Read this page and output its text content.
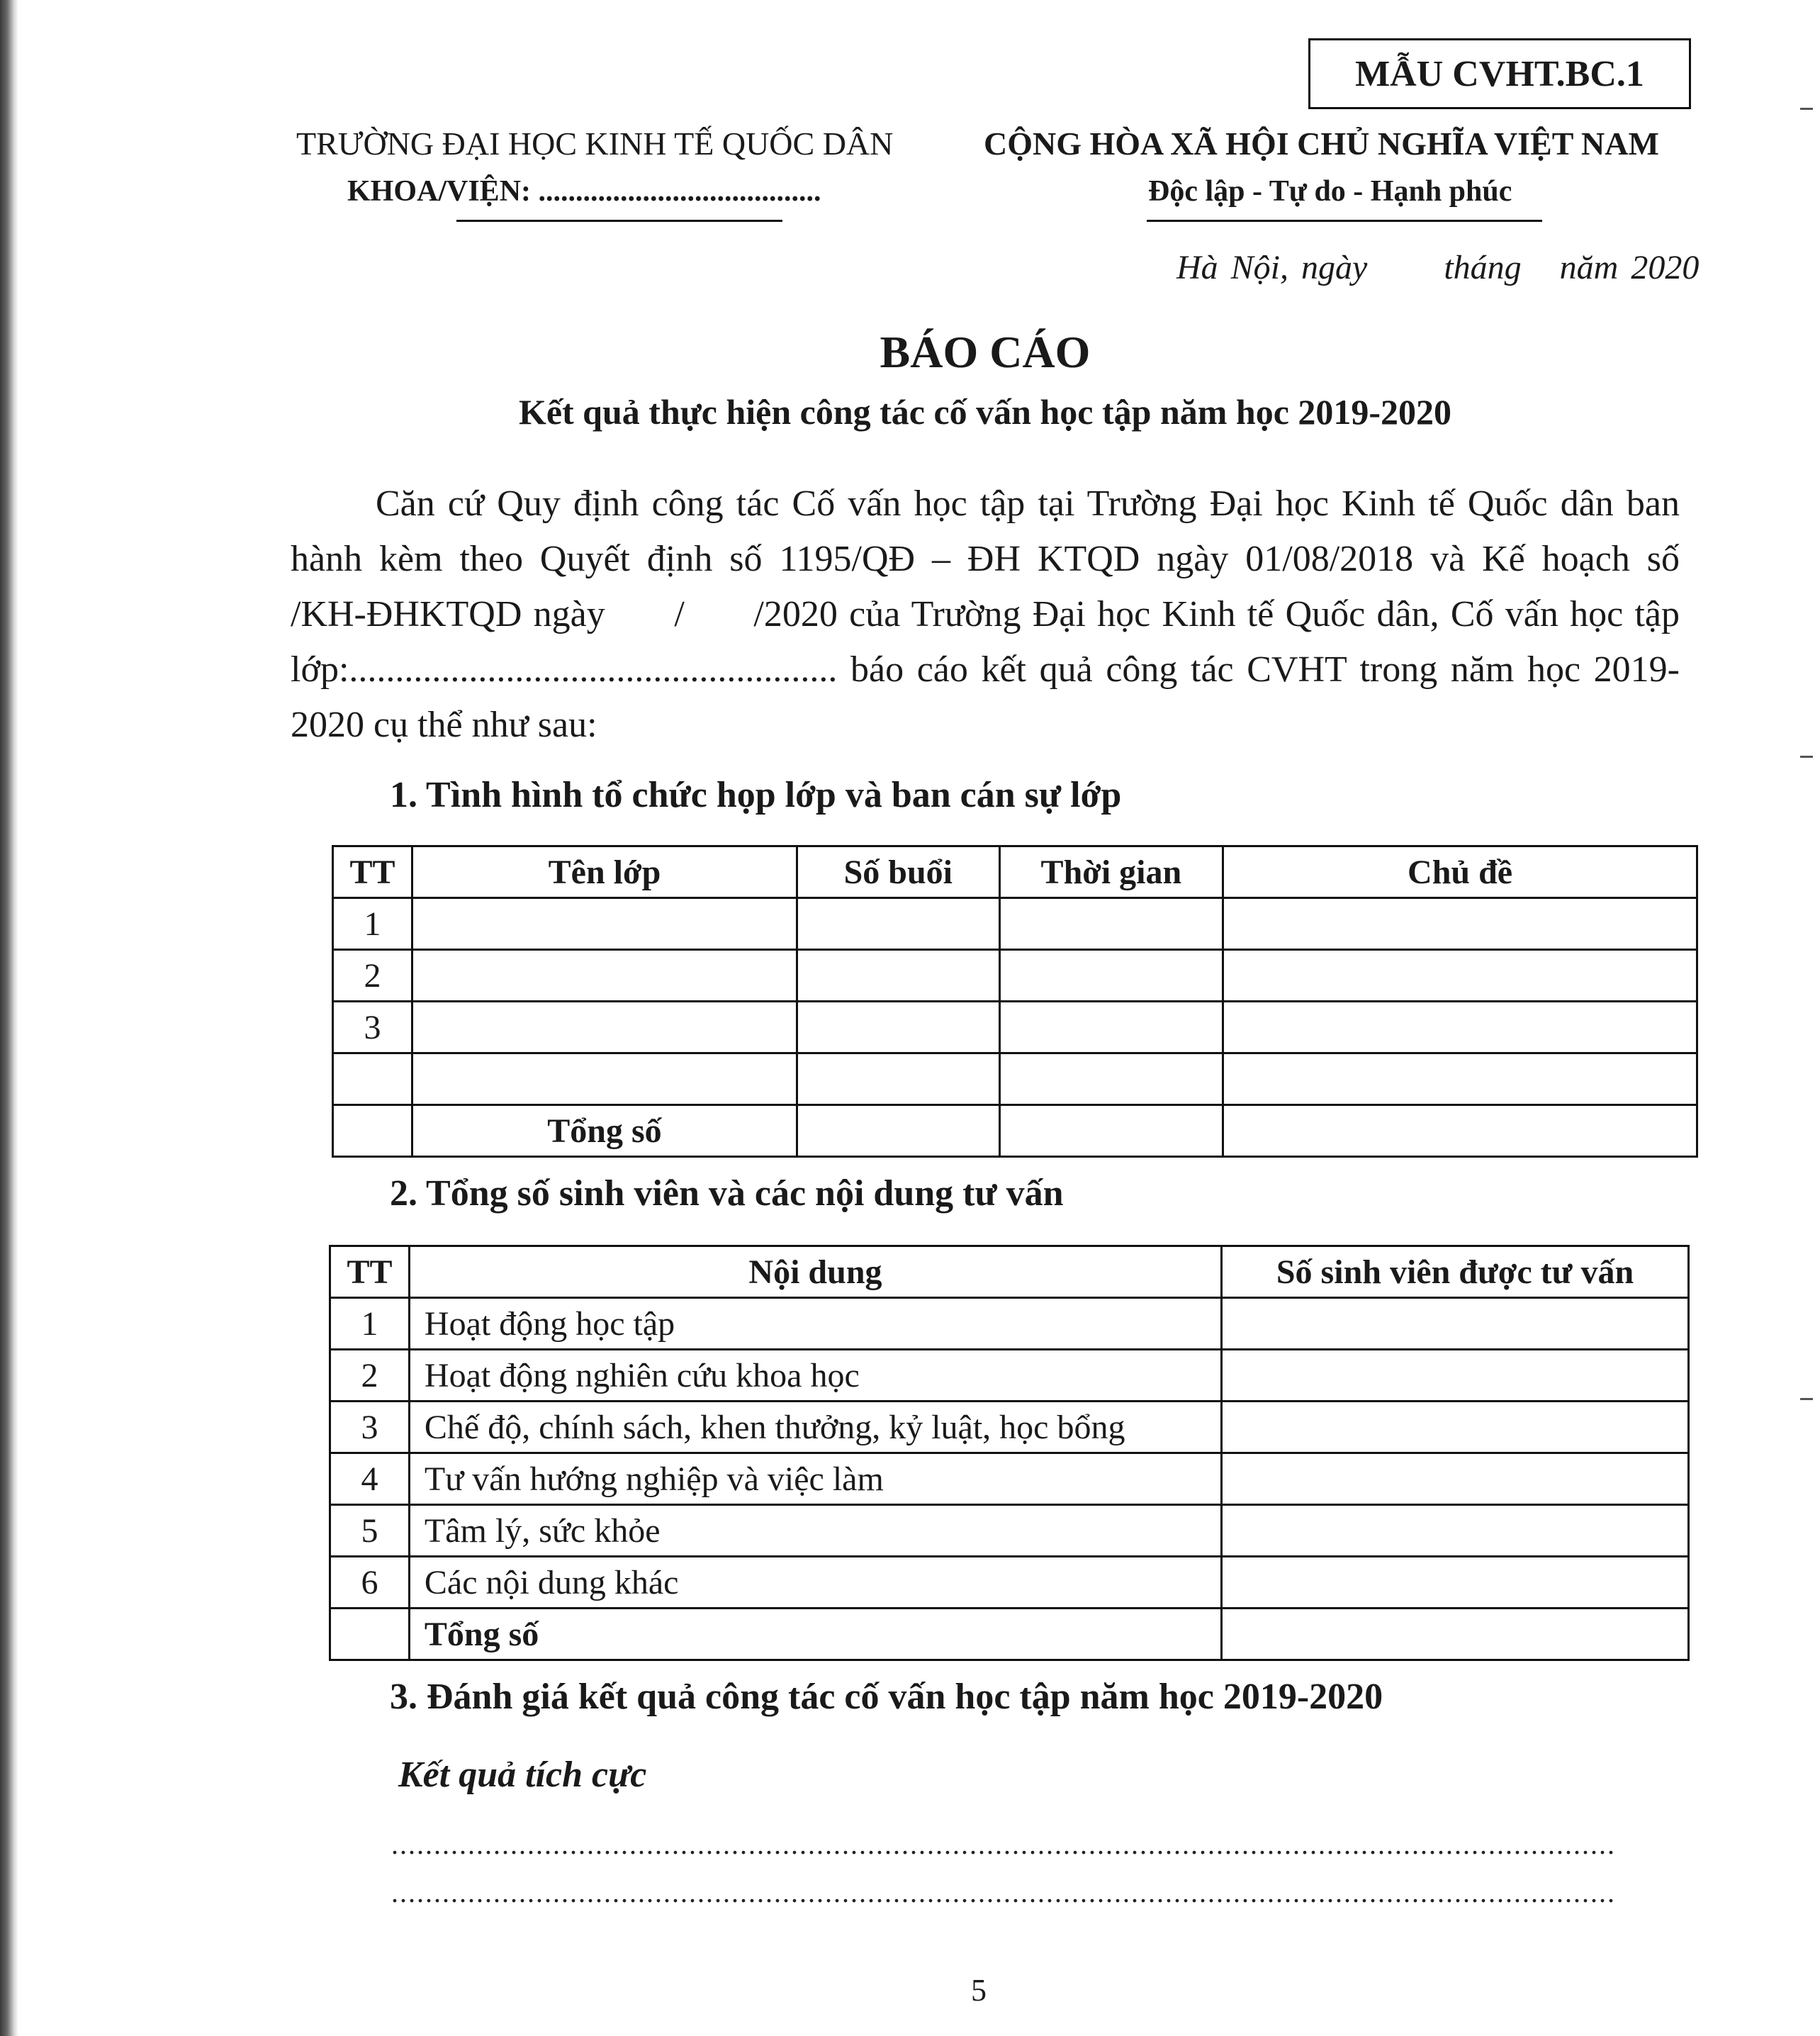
MẪU CVHT.BC.1
TRƯỜNG ĐẠI HỌC KINH TẾ QUỐC DÂN
KHOA/VIỆN: ......................................
CỘNG HÒA XÃ HỘI CHỦ NGHĨA VIỆT NAM
Độc lập - Tự do - Hạnh phúc
Hà Nội, ngày      tháng   năm 2020
BÁO CÁO
Kết quả thực hiện công tác cố vấn học tập năm học 2019-2020
Căn cứ Quy định công tác Cố vấn học tập tại Trường Đại học Kinh tế Quốc dân ban hành kèm theo Quyết định số 1195/QĐ – ĐH KTQD ngày 01/08/2018 và Kế hoạch số        /KH-ĐHKTQD ngày      /      /2020 của Trường Đại học Kinh tế Quốc dân, Cố vấn học tập lớp:..................................................... báo cáo kết quả công tác CVHT trong năm học 2019-2020 cụ thể như sau:
1. Tình hình tổ chức họp lớp và ban cán sự lớp
TT	Tên lớp	Số buổi	Thời gian	Chủ đề
1				
2				
3				

	Tổng số			
2. Tổng số sinh viên và các nội dung tư vấn
TT	Nội dung	Số sinh viên được tư vấn
1	Hoạt động học tập	
2	Hoạt động nghiên cứu khoa học	
3	Chế độ, chính sách, khen thưởng, kỷ luật, học bổng	
4	Tư vấn hướng nghiệp và việc làm	
5	Tâm lý, sức khỏe	
6	Các nội dung khác	
	Tổng số	
3. Đánh giá kết quả công tác cố vấn học tập năm học 2019-2020
Kết quả tích cực
................................................................................................................................................
................................................................................................................................................
5
